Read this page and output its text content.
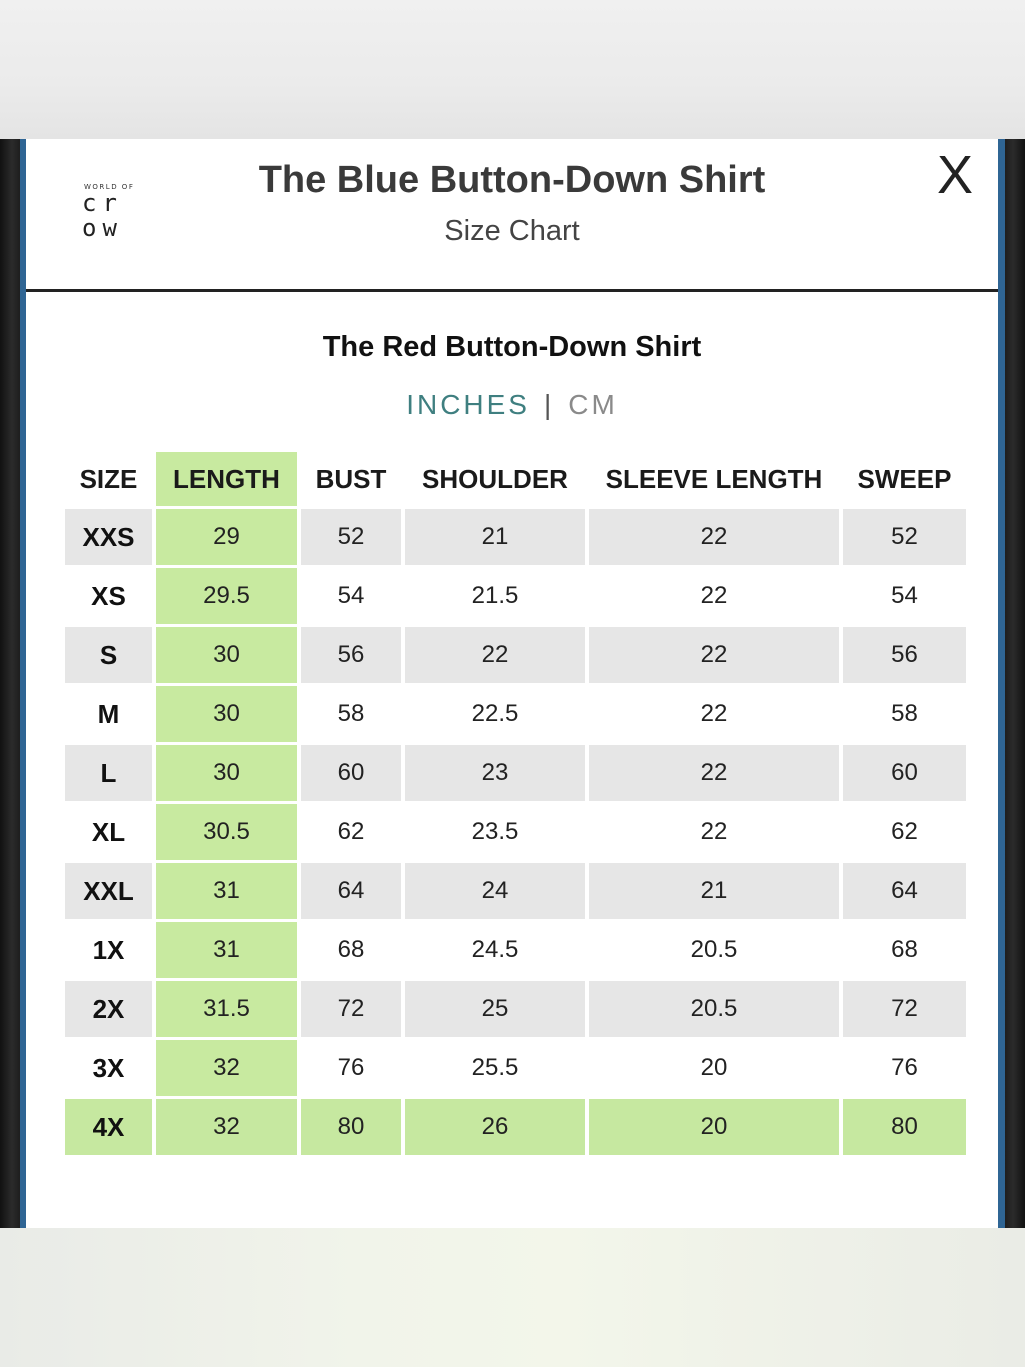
WORLD OF
cr
ow
The Blue Button-Down Shirt
Size Chart
X
The Red Button-Down Shirt
INCHES | CM
SIZE	LENGTH	BUST	SHOULDER	SLEEVE LENGTH	SWEEP
XXS	29	52	21	22	52
XS	29.5	54	21.5	22	54
S	30	56	22	22	56
M	30	58	22.5	22	58
L	30	60	23	22	60
XL	30.5	62	23.5	22	62
XXL	31	64	24	21	64
1X	31	68	24.5	20.5	68
2X	31.5	72	25	20.5	72
3X	32	76	25.5	20	76
4X	32	80	26	20	80
